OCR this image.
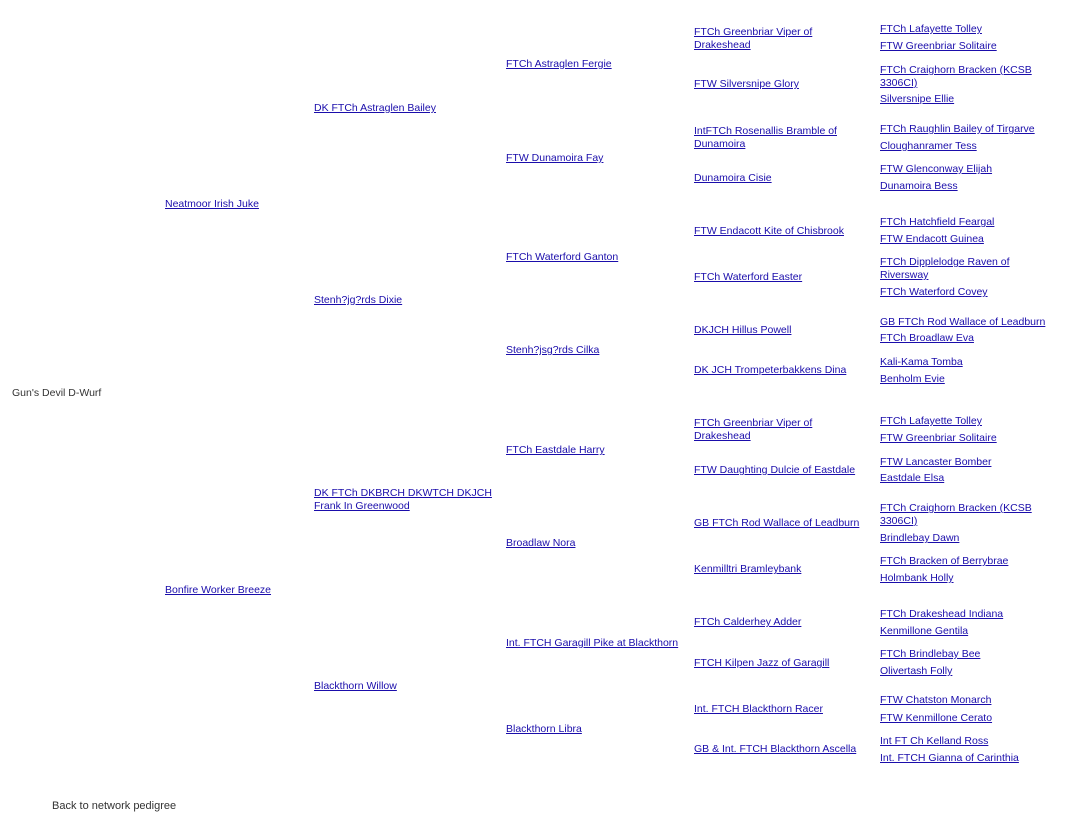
Gun's Devil D-Wurf
Neatmoor Irish Juke
Bonfire Worker Breeze
DK FTCh Astraglen Bailey
Stenh?jg?rds Dixie
DK FTCh DKBRCH DKWTCH DKJCH Frank In Greenwood
Blackthorn Willow
FTCh Astraglen Fergie
FTW Dunamoira Fay
FTCh Waterford Ganton
Stenh?jsg?rds Cilka
FTCh Eastdale Harry
Broadlaw Nora
Int. FTCH Garagill Pike at Blackthorn
Blackthorn Libra
FTCh Greenbriar Viper of Drakeshead
FTW Silversnipe Glory
IntFTCh Rosenallis Bramble of Dunamoira
Dunamoira Cisie
FTW Endacott Kite of Chisbrook
FTCh Waterford Easter
DKJCH Hillus Powell
DK JCH Trompeterbakkens Dina
FTCh Greenbriar Viper of Drakeshead
FTW Daughting Dulcie of Eastdale
GB FTCh Rod Wallace of Leadburn
Kenmilltri Bramleybank
FTCh Calderhey Adder
FTCH Kilpen Jazz of Garagill
Int. FTCH Blackthorn Racer
GB & Int. FTCH Blackthorn Ascella
FTCh Lafayette Tolley
FTW Greenbriar Solitaire
FTCh Craighorn Bracken (KCSB 3306CI)
Silversnipe Ellie
FTCh Raughlin Bailey of Tirgarve
Cloughanramer Tess
FTW Glenconway Elijah
Dunamoira Bess
FTCh Hatchfield Feargal
FTW Endacott Guinea
FTCh Dipplelodge Raven of Riversway
FTCh Waterford Covey
GB FTCh Rod Wallace of Leadburn
FTCh Broadlaw Eva
Kali-Kama Tomba
Benholm Evie
FTCh Lafayette Tolley
FTW Greenbriar Solitaire
FTW Lancaster Bomber
Eastdale Elsa
FTCh Craighorn Bracken (KCSB 3306CI)
Brindlebay Dawn
FTCh Bracken of Berrybrae
Holmbank Holly
FTCh Drakeshead Indiana
Kenmillone Gentila
FTCh Brindlebay Bee
Olivertash Folly
FTW Chatston Monarch
FTW Kenmillone Cerato
Int FT Ch Kelland Ross
Int. FTCH Gianna of Carinthia
Back to network pedigree
